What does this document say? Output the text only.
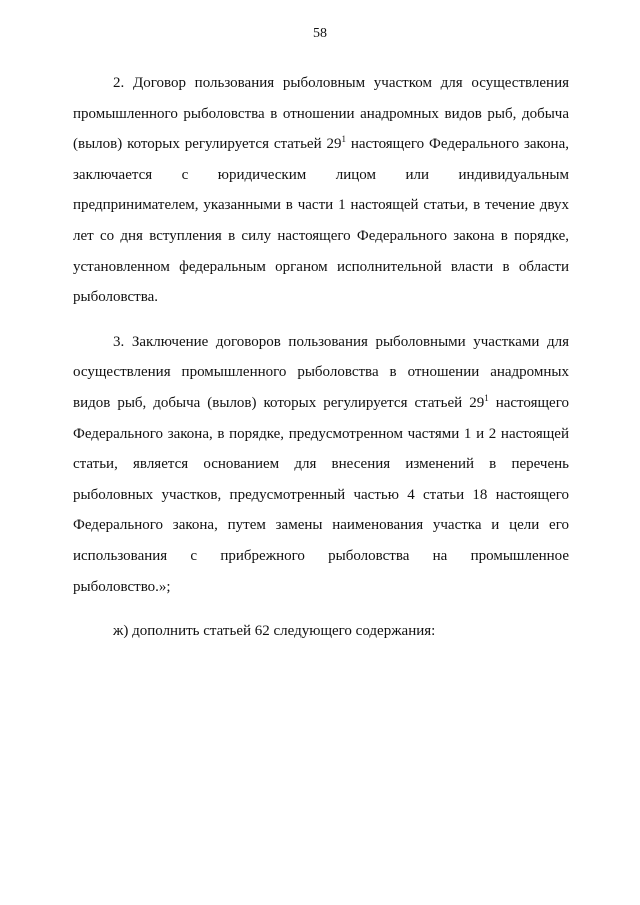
58

2. Договор пользования рыболовным участком для осуществления промышленного рыболовства в отношении анадромных видов рыб, добыча (вылов) которых регулируется статьей $29^1$ настоящего Федерального закона, заключается с юридическим лицом или индивидуальным предпринимателем, указанными в части 1 настоящей статьи, в течение двух лет со дня вступления в силу настоящего Федерального закона в порядке, установленном федеральным органом исполнительной власти в области рыболовства.

3. Заключение договоров пользования рыболовными участками для осуществления промышленного рыболовства в отношении анадромных видов рыб, добыча (вылов) которых регулируется статьей $29^1$ настоящего Федерального закона, в порядке, предусмотренном частями 1 и 2 настоящей статьи, является основанием для внесения изменений в перечень рыболовных участков, предусмотренный частью 4 статьи 18 настоящего Федерального закона, путем замены наименования участка и цели его использования с прибрежного рыболовства на промышленное рыболовство.»;

ж) дополнить статьей 62 следующего содержания:
